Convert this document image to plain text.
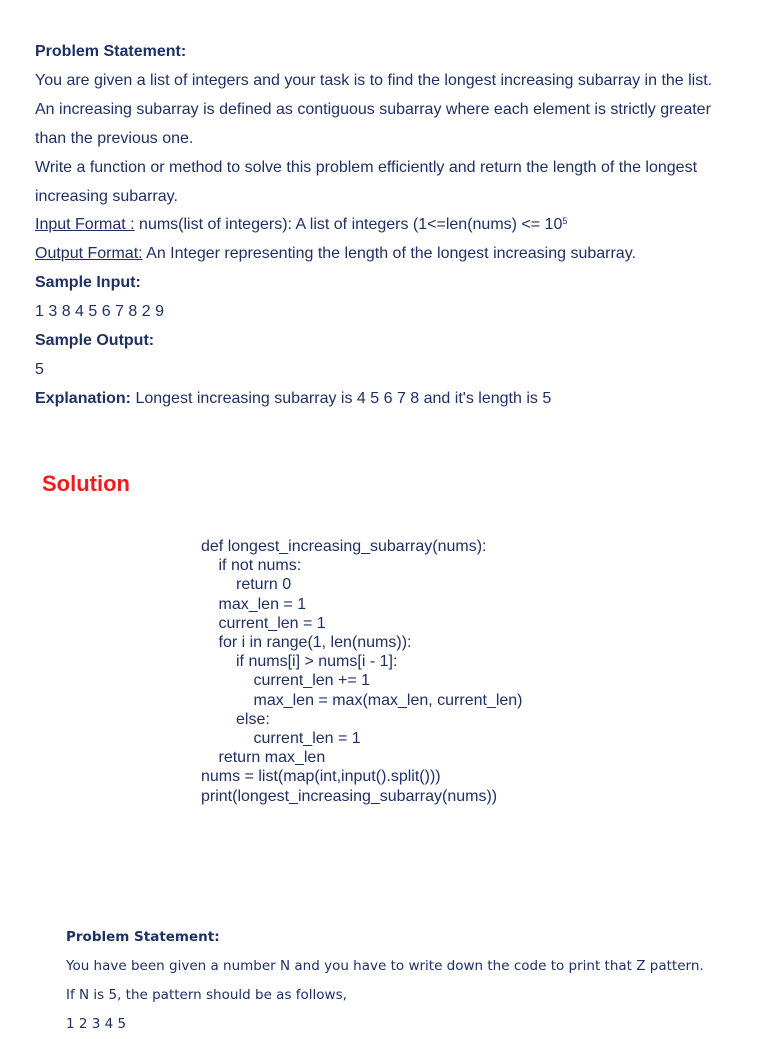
Problem Statement:
You are given a list of integers and your task is to find the longest increasing subarray in the list.
An increasing subarray is defined as contiguous subarray where each element is strictly greater
than the previous one.
Write a function or method to solve this problem efficiently and return the length of the longest
increasing subarray.
Input Format : nums(list of integers): A list of integers (1<=len(nums) <= $10^5$
Output Format: An Integer representing the length of the longest increasing subarray.
Sample Input:
1 3 8 4 5 6 7 8 2 9
Sample Output:
5
Explanation: Longest increasing subarray is 4 5 6 7 8 and it's length is 5
Solution
def longest_increasing_subarray(nums):
if not nums:
return 0
max_len = 1
current_len = 1
for i in range(1, len(nums)):
if nums[i] > nums[i - 1]:
current_len += 1
max_len = max(max_len, current_len)
else:
current_len = 1
return max_len
nums = list(map(int,input().split()))
print(longest_increasing_subarray(nums))
Problem Statement:
You have been given a number N and you have to write down the code to print that Z pattern.
If N is 5, the pattern should be as follows,
1 2 3 4 5
